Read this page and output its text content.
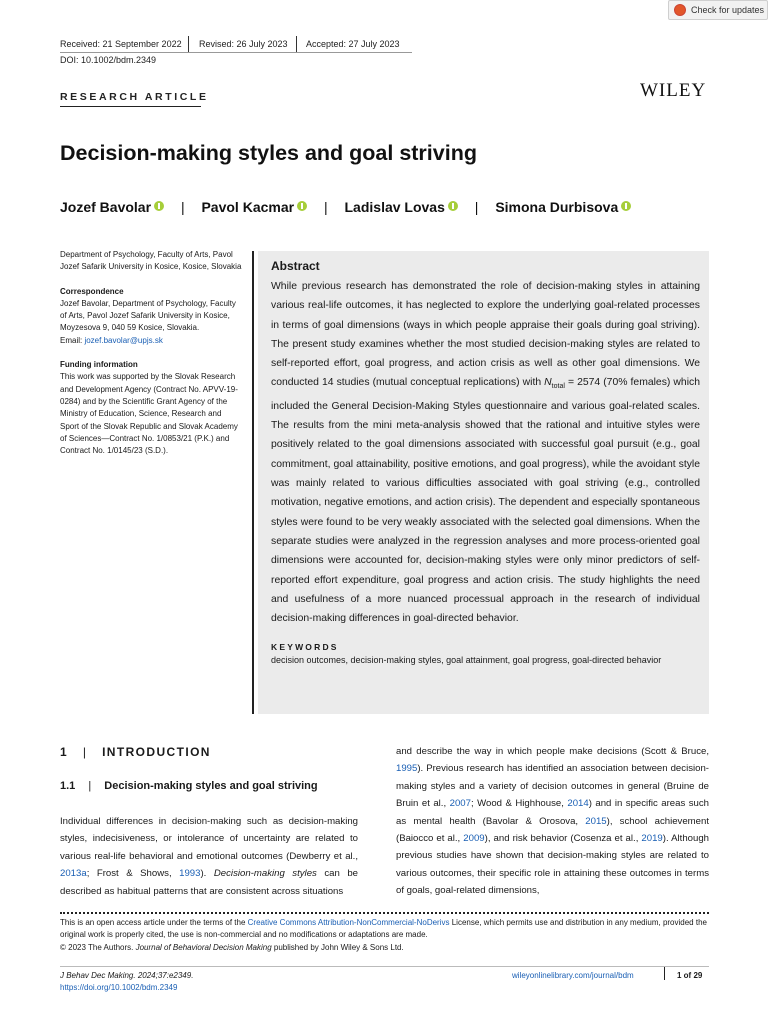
Check for updates
Received: 21 September 2022 Revised: 26 July 2023 Accepted: 27 July 2023
DOI: 10.1002/bdm.2349
RESEARCH ARTICLE	WILEY
Decision-making styles and goal striving
Jozef Bavolar | Pavol Kacmar | Ladislav Lovas | Simona Durbisova
Department of Psychology, Faculty of Arts, Pavol Jozef Safarik University in Kosice, Kosice, Slovakia
Correspondence
Jozef Bavolar, Department of Psychology, Faculty of Arts, Pavol Jozef Safarik University in Kosice, Moyzesova 9, 040 59 Kosice, Slovakia.
Email: jozef.bavolar@upjs.sk
Funding information
This work was supported by the Slovak Research and Development Agency (Contract No. APVV-19-0284) and by the Scientific Grant Agency of the Ministry of Education, Science, Research and Sport of the Slovak Republic and Slovak Academy of Sciences—Contract No. 1/0853/21 (P.K.) and Contract No. 1/0145/23 (S.D.).
Abstract
While previous research has demonstrated the role of decision-making styles in attaining various real-life outcomes, it has neglected to explore the underlying goal-related processes in terms of goal dimensions (ways in which people appraise their goals during goal striving). The present study examines whether the most studied decision-making styles are related to self-reported effort, goal progress, and action crisis as well as other goal dimensions. We conducted 14 studies (mutual conceptual replications) with $N_{total} = 2574$ (70% females) which included the General Decision-Making Styles questionnaire and various goal-related scales. The results from the mini meta-analysis showed that the rational and intuitive styles were positively related to the goal dimensions associated with successful goal pursuit (e.g., goal commitment, goal attainability, positive emotions, and goal progress), while the avoidant style was mainly related to various difficulties associated with goal striving (e.g., controlled motivation, negative emotions, and action crisis). The dependent and especially spontaneous styles were found to be very weakly associated with the selected goal dimensions. When the separate studies were analyzed in the regression analyses and more process-oriented goal dimensions were accounted for, decision-making styles were only minor predictors of self-reported effort expenditure, goal progress and action crisis. The study highlights the need and usefulness of a more nuanced processual approach in the research of individual decision-making differences in goal-directed behavior.
KEYWORDS
decision outcomes, decision-making styles, goal attainment, goal progress, goal-directed behavior
1 | INTRODUCTION
1.1 | Decision-making styles and goal striving
Individual differences in decision-making such as decision-making styles, indecisiveness, or intolerance of uncertainty are related to various real-life behavioral and emotional outcomes (Dewberry et al., 2013a; Frost & Shows, 1993). Decision-making styles can be described as habitual patterns that are consistent across situations
and describe the way in which people make decisions (Scott & Bruce, 1995). Previous research has identified an association between decision-making styles and a variety of decision outcomes in general (Bruine de Bruin et al., 2007; Wood & Highhouse, 2014) and in specific areas such as mental health (Bavolar & Orosova, 2015), school achievement (Baiocco et al., 2009), and risk behavior (Cosenza et al., 2019). Although previous studies have shown that decision-making styles are related to various outcomes, their specific role in attaining these outcomes in terms of goals, goal-related dimensions,
This is an open access article under the terms of the Creative Commons Attribution-NonCommercial-NoDerivs License, which permits use and distribution in any medium, provided the original work is properly cited, the use is non-commercial and no modifications or adaptations are made.
© 2023 The Authors. Journal of Behavioral Decision Making published by John Wiley & Sons Ltd.
J Behav Dec Making. 2024;37:e2349.
https://doi.org/10.1002/bdm.2349
wileyonlinelibrary.com/journal/bdm	1 of 29
